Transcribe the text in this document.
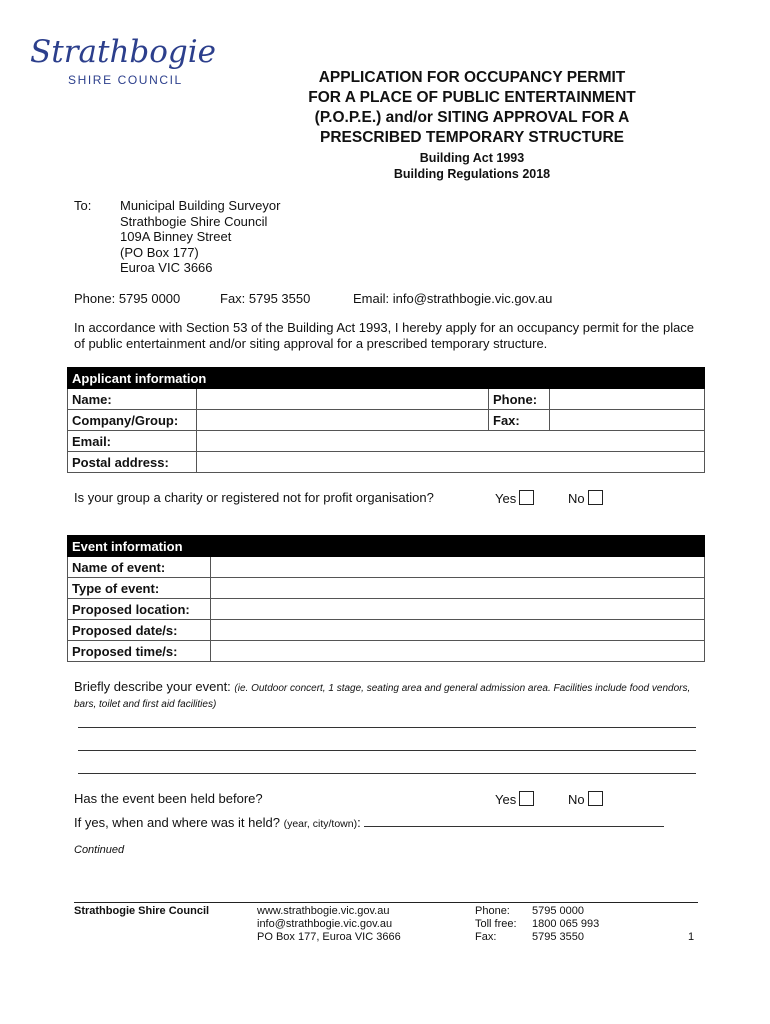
Strathbogie
SHIRE COUNCIL	APPLICATION FOR OCCUPANCY PERMIT
FOR A PLACE OF PUBLIC ENTERTAINMENT
(P.O.P.E.) and/or SITING APPROVAL FOR A
PRESCRIBED TEMPORARY STRUCTURE
Building Act 1993
Building Regulations 2018
To: Municipal Building Surveyor
Strathbogie Shire Council
109A Binney Street
(PO Box 177)
Euroa VIC 3666
Phone: 5795 0000	Fax: 5795 3550	Email: info@strathbogie.vic.gov.au
In accordance with Section 53 of the Building Act 1993, I hereby apply for an occupancy permit for the place of public entertainment and/or siting approval for a prescribed temporary structure.
Applicant information			
Name:		Phone:	
Company/Group:		Fax:	
Email:			
Postal address:			
Is your group a charity or registered not for profit organisation?	Yes	No
Event information	
Name of event:	
Type of event:	
Proposed location:	
Proposed date/s:	
Proposed time/s:	
Briefly describe your event: (ie. Outdoor concert, 1 stage, seating area and general admission area. Facilities include food vendors, bars, toilet and first aid facilities)
Has the event been held before?	Yes	No
If yes, when and where was it held? (year, city/town):
Continued
Strathbogie Shire Council	www.strathbogie.vic.gov.au
info@strathbogie.vic.gov.au
PO Box 177, Euroa VIC 3666
Phone:
Toll free:
Fax:
5795 0000
1800 065 993
5795 3550	1
